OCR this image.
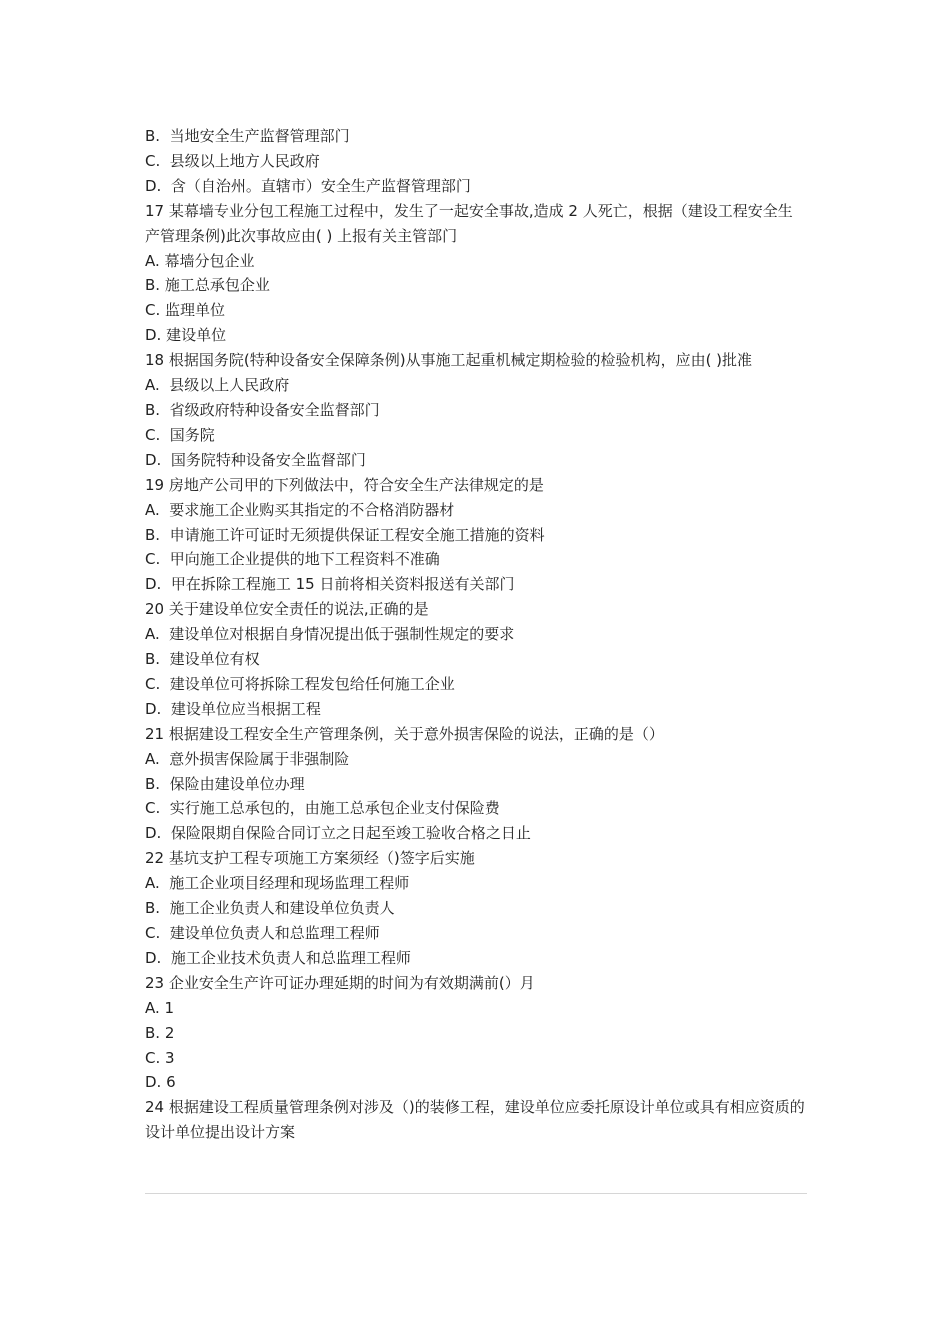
B.  当地安全生产监督管理部门
C.  县级以上地方人民政府
D.  含（自治州。直辖市）安全生产监督管理部门
17 某幕墙专业分包工程施工过程中，发生了一起安全事故,造成 2 人死亡，根据（建设工程安全生产管理条例)此次事故应由( ) 上报有关主管部门
A. 幕墙分包企业
B. 施工总承包企业
C. 监理单位
D. 建设单位
18 根据国务院(特种设备安全保障条例)从事施工起重机械定期检验的检验机构，应由( )批准
A.  县级以上人民政府
B.  省级政府特种设备安全监督部门
C.  国务院
D.  国务院特种设备安全监督部门
19 房地产公司甲的下列做法中，符合安全生产法律规定的是
A.  要求施工企业购买其指定的不合格消防器材
B.  申请施工许可证时无须提供保证工程安全施工措施的资料
C.  甲向施工企业提供的地下工程资料不准确
D.  甲在拆除工程施工 15 日前将相关资料报送有关部门
20 关于建设单位安全责任的说法,正确的是
A.  建设单位对根据自身情况提出低于强制性规定的要求
B.  建设单位有权
C.  建设单位可将拆除工程发包给任何施工企业
D.  建设单位应当根据工程
21 根据建设工程安全生产管理条例，关于意外损害保险的说法，正确的是（）
A.  意外损害保险属于非强制险
B.  保险由建设单位办理
C.  实行施工总承包的，由施工总承包企业支付保险费
D.  保险限期自保险合同订立之日起至竣工验收合格之日止
22 基坑支护工程专项施工方案须经（)签字后实施
A.  施工企业项目经理和现场监理工程师
B.  施工企业负责人和建设单位负责人
C.  建设单位负责人和总监理工程师
D.  施工企业技术负责人和总监理工程师
23 企业安全生产许可证办理延期的时间为有效期满前(）月
A. 1
B. 2
C. 3
D. 6
24 根据建设工程质量管理条例对涉及（)的装修工程，建设单位应委托原设计单位或具有相应资质的设计单位提出设计方案
